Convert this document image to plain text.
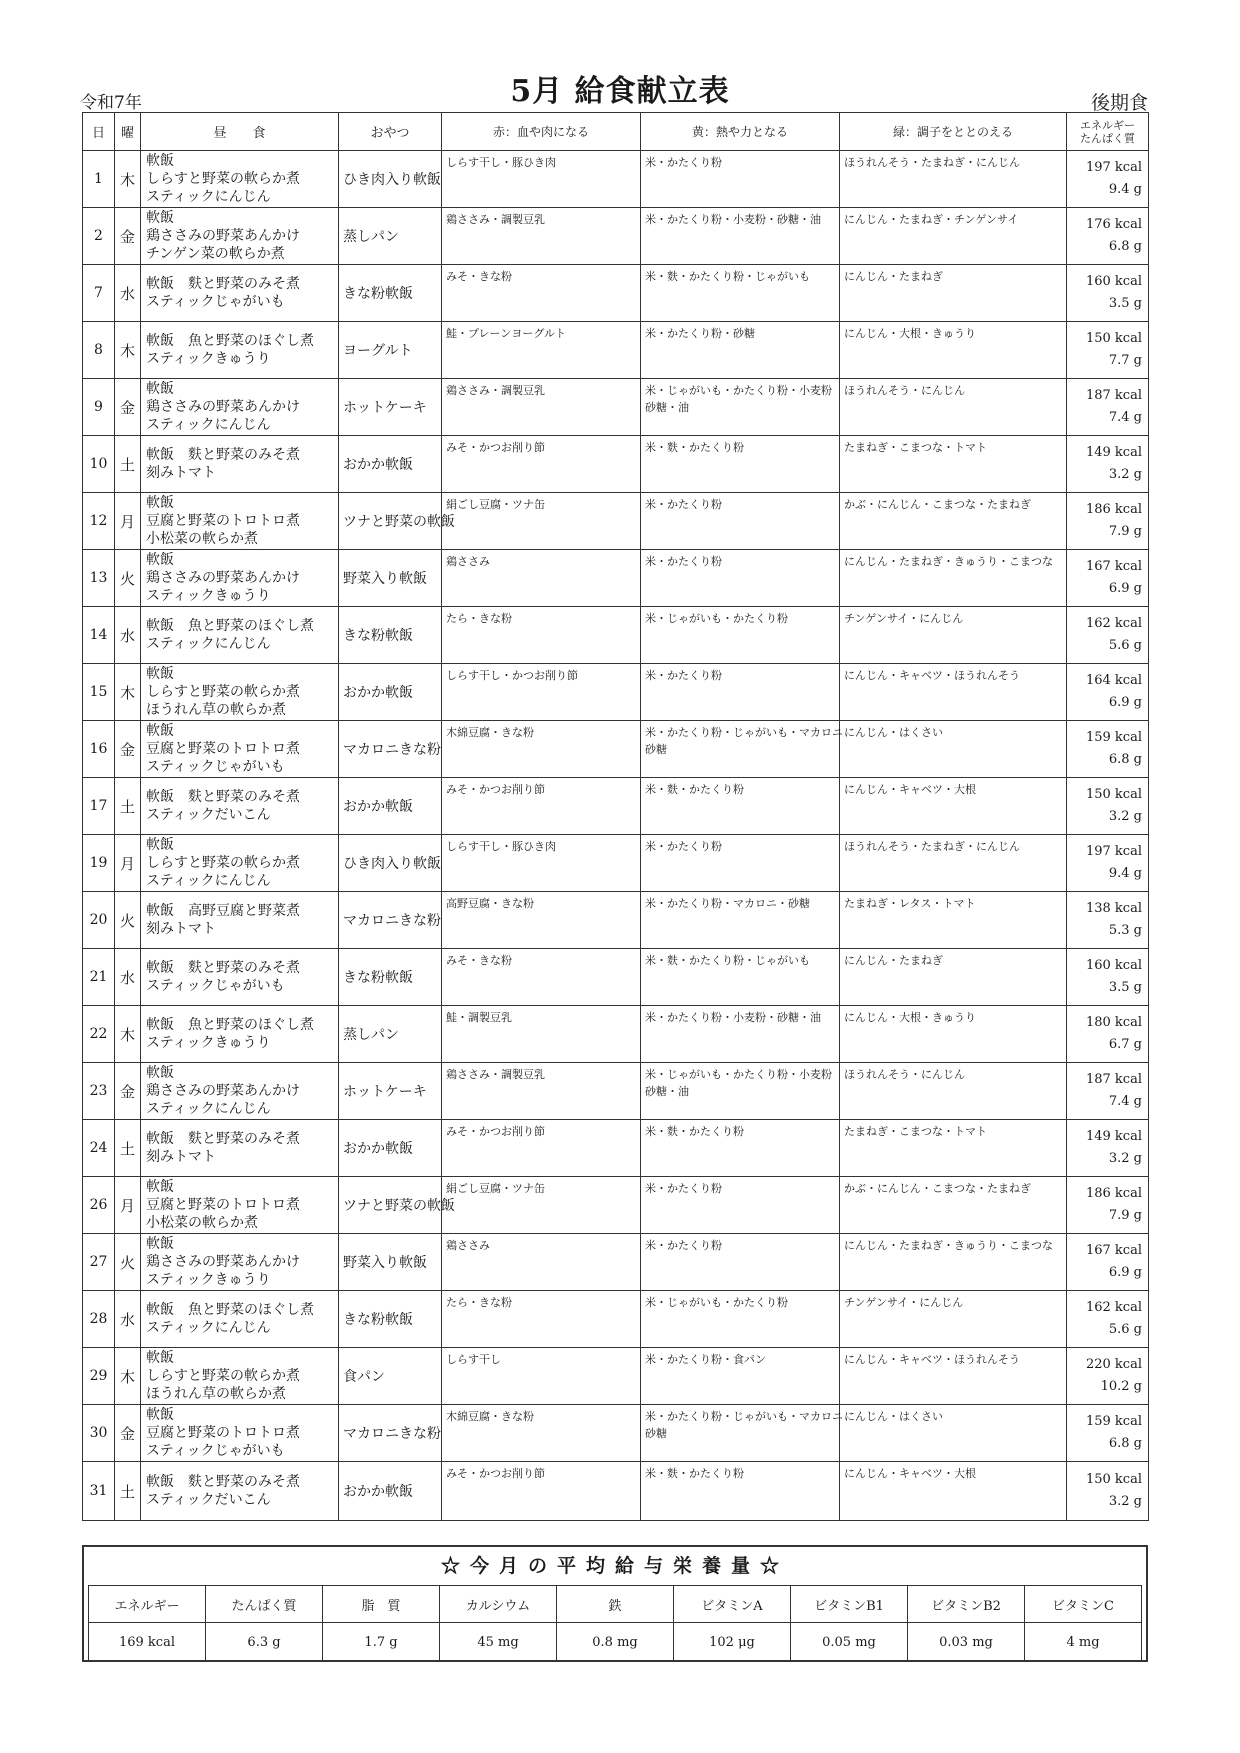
令和7年	5月 給食献立表	後期食
日	曜	昼　　食	おやつ	赤：血や肉になる	黄：熱や力となる	緑：調子をととのえる	エネルギー
たんぱく質

1	木	軟飯
しらすと野菜の軟らか煮
スティックにんじん	ひき肉入り軟飯	しらす干し・豚ひき肉	米・かたくり粉	ほうれんそう・たまねぎ・にんじん	197 kcal
9.4 g

2	金	軟飯
鶏ささみの野菜あんかけ
チンゲン菜の軟らか煮	蒸しパン	鶏ささみ・調製豆乳	米・かたくり粉・小麦粉・砂糖・油	にんじん・たまねぎ・チンゲンサイ	176 kcal
6.8 g

7	水	軟飯　麩と野菜のみそ煮
スティックじゃがいも	きな粉軟飯	みそ・きな粉	米・麩・かたくり粉・じゃがいも	にんじん・たまねぎ	160 kcal
3.5 g

8	木	軟飯　魚と野菜のほぐし煮
スティックきゅうり	ヨーグルト	鮭・プレーンヨーグルト	米・かたくり粉・砂糖	にんじん・大根・きゅうり	150 kcal
7.7 g

9	金	軟飯
鶏ささみの野菜あんかけ
スティックにんじん	ホットケーキ	鶏ささみ・調製豆乳	米・じゃがいも・かたくり粉・小麦粉
砂糖・油	ほうれんそう・にんじん	187 kcal
7.4 g

10	土	軟飯　麩と野菜のみそ煮
刻みトマト	おかか軟飯	みそ・かつお削り節	米・麩・かたくり粉	たまねぎ・こまつな・トマト	149 kcal
3.2 g

12	月	軟飯
豆腐と野菜のトロトロ煮
小松菜の軟らか煮	ツナと野菜の軟飯	絹ごし豆腐・ツナ缶	米・かたくり粉	かぶ・にんじん・こまつな・たまねぎ	186 kcal
7.9 g

13	火	軟飯
鶏ささみの野菜あんかけ
スティックきゅうり	野菜入り軟飯	鶏ささみ	米・かたくり粉	にんじん・たまねぎ・きゅうり・こまつな	167 kcal
6.9 g

14	水	軟飯　魚と野菜のほぐし煮
スティックにんじん	きな粉軟飯	たら・きな粉	米・じゃがいも・かたくり粉	チンゲンサイ・にんじん	162 kcal
5.6 g

15	木	軟飯
しらすと野菜の軟らか煮
ほうれん草の軟らか煮	おかか軟飯	しらす干し・かつお削り節	米・かたくり粉	にんじん・キャベツ・ほうれんそう	164 kcal
6.9 g

16	金	軟飯
豆腐と野菜のトロトロ煮
スティックじゃがいも	マカロニきな粉	木綿豆腐・きな粉	米・かたくり粉・じゃがいも・マカロニ
砂糖	にんじん・はくさい	159 kcal
6.8 g

17	土	軟飯　麩と野菜のみそ煮
スティックだいこん	おかか軟飯	みそ・かつお削り節	米・麩・かたくり粉	にんじん・キャベツ・大根	150 kcal
3.2 g

19	月	軟飯
しらすと野菜の軟らか煮
スティックにんじん	ひき肉入り軟飯	しらす干し・豚ひき肉	米・かたくり粉	ほうれんそう・たまねぎ・にんじん	197 kcal
9.4 g

20	火	軟飯　高野豆腐と野菜煮
刻みトマト	マカロニきな粉	高野豆腐・きな粉	米・かたくり粉・マカロニ・砂糖	たまねぎ・レタス・トマト	138 kcal
5.3 g

21	水	軟飯　麩と野菜のみそ煮
スティックじゃがいも	きな粉軟飯	みそ・きな粉	米・麩・かたくり粉・じゃがいも	にんじん・たまねぎ	160 kcal
3.5 g

22	木	軟飯　魚と野菜のほぐし煮
スティックきゅうり	蒸しパン	鮭・調製豆乳	米・かたくり粉・小麦粉・砂糖・油	にんじん・大根・きゅうり	180 kcal
6.7 g

23	金	軟飯
鶏ささみの野菜あんかけ
スティックにんじん	ホットケーキ	鶏ささみ・調製豆乳	米・じゃがいも・かたくり粉・小麦粉
砂糖・油	ほうれんそう・にんじん	187 kcal
7.4 g

24	土	軟飯　麩と野菜のみそ煮
刻みトマト	おかか軟飯	みそ・かつお削り節	米・麩・かたくり粉	たまねぎ・こまつな・トマト	149 kcal
3.2 g

26	月	軟飯
豆腐と野菜のトロトロ煮
小松菜の軟らか煮	ツナと野菜の軟飯	絹ごし豆腐・ツナ缶	米・かたくり粉	かぶ・にんじん・こまつな・たまねぎ	186 kcal
7.9 g

27	火	軟飯
鶏ささみの野菜あんかけ
スティックきゅうり	野菜入り軟飯	鶏ささみ	米・かたくり粉	にんじん・たまねぎ・きゅうり・こまつな	167 kcal
6.9 g

28	水	軟飯　魚と野菜のほぐし煮
スティックにんじん	きな粉軟飯	たら・きな粉	米・じゃがいも・かたくり粉	チンゲンサイ・にんじん	162 kcal
5.6 g

29	木	軟飯
しらすと野菜の軟らか煮
ほうれん草の軟らか煮	食パン	しらす干し	米・かたくり粉・食パン	にんじん・キャベツ・ほうれんそう	220 kcal
10.2 g

30	金	軟飯
豆腐と野菜のトロトロ煮
スティックじゃがいも	マカロニきな粉	木綿豆腐・きな粉	米・かたくり粉・じゃがいも・マカロニ
砂糖	にんじん・はくさい	159 kcal
6.8 g

31	土	軟飯　麩と野菜のみそ煮
スティックだいこん	おかか軟飯	みそ・かつお削り節	米・麩・かたくり粉	にんじん・キャベツ・大根	150 kcal
3.2 g
☆今月の平均給与栄養量☆
エネルギー	たんぱく質	脂　質	カルシウム	鉄	ビタミンA	ビタミンB1	ビタミンB2	ビタミンC
169 kcal	6.3 g	1.7 g	45 mg	0.8 mg	102 μg	0.05 mg	0.03 mg	4 mg
